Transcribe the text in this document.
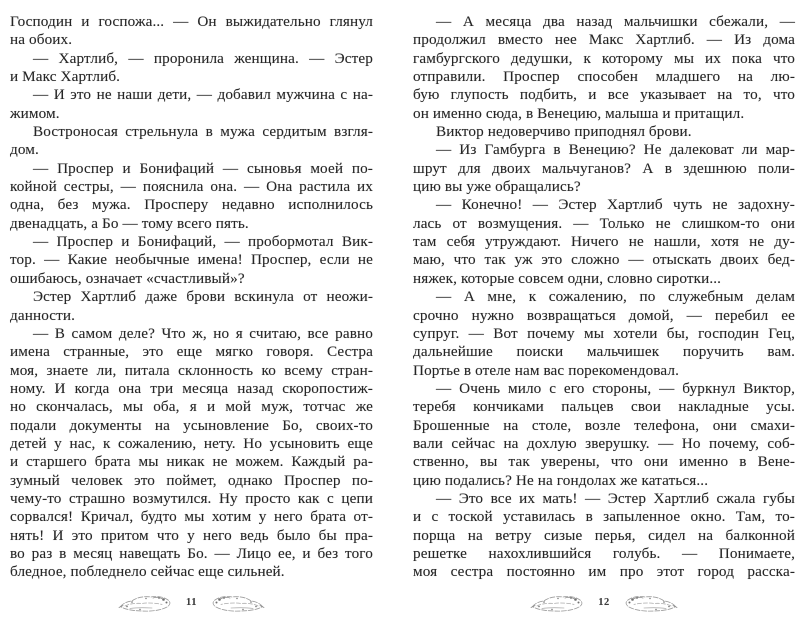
Господин и госпожа... — Он выжидательно глянул
на обоих.
— Хартлиб, — проронила женщина. — Эстер
и Макс Хартлиб.
— И это не наши дети, — добавил мужчина с на-
жимом.
Востроносая стрельнула в мужа сердитым взгля-
дом.
— Проспер и Бонифаций — сыновья моей по-
койной сестры, — пояснила она. — Она растила их
одна, без мужа. Просперу недавно исполнилось
двенадцать, а Бо — тому всего пять.
— Проспер и Бонифаций, — пробормотал Вик-
тор. — Какие необычные имена! Проспер, если не
ошибаюсь, означает «счастливый»?
Эстер Хартлиб даже брови вскинула от неожи-
данности.
— В самом деле? Что ж, но я считаю, все равно
имена странные, это еще мягко говоря. Сестра
моя, знаете ли, питала склонность ко всему стран-
ному. И когда она три месяца назад скоропостиж-
но скончалась, мы оба, я и мой муж, тотчас же
подали документы на усыновление Бо, своих-то
детей у нас, к сожалению, нету. Но усыновить еще
и старшего брата мы никак не можем. Каждый ра-
зумный человек это поймет, однако Проспер по-
чему-то страшно возмутился. Ну просто как с цепи
сорвался! Кричал, будто мы хотим у него брата от-
нять! И это притом что у него ведь было бы пра-
во раз в месяц навещать Бо. — Лицо ее, и без того
бледное, побледнело сейчас еще сильней.
11
— А месяца два назад мальчишки сбежали, —
продолжил вместо нее Макс Хартлиб. — Из дома
гамбургского дедушки, к которому мы их пока что
отправили. Проспер способен младшего на лю-
бую глупость подбить, и все указывает на то, что
он именно сюда, в Венецию, малыша и притащил.
Виктор недоверчиво приподнял брови.
— Из Гамбурга в Венецию? Не далековат ли мар-
шрут для двоих мальчуганов? А в здешнюю поли-
цию вы уже обращались?
— Конечно! — Эстер Хартлиб чуть не задохну-
лась от возмущения. — Только не слишком-то они
там себя утруждают. Ничего не нашли, хотя не ду-
маю, что так уж это сложно — отыскать двоих бед-
няжек, которые совсем одни, словно сиротки...
— А мне, к сожалению, по служебным делам
срочно нужно возвращаться домой, — перебил ее
супруг. — Вот почему мы хотели бы, господин Гец,
дальнейшие поиски мальчишек поручить вам.
Портье в отеле нам вас порекомендовал.
— Очень мило с его стороны, — буркнул Виктор,
теребя кончиками пальцев свои накладные усы.
Брошенные на столе, возле телефона, они смахи-
вали сейчас на дохлую зверушку. — Но почему, соб-
ственно, вы так уверены, что они именно в Вене-
цию подались? Не на гондолах же кататься...
— Это все их мать! — Эстер Хартлиб сжала губы
и с тоской уставилась в запыленное окно. Там, то-
порща на ветру сизые перья, сидел на балконной
решетке нахохлившийся голубь. — Понимаете,
моя сестра постоянно им про этот город расска-
12
